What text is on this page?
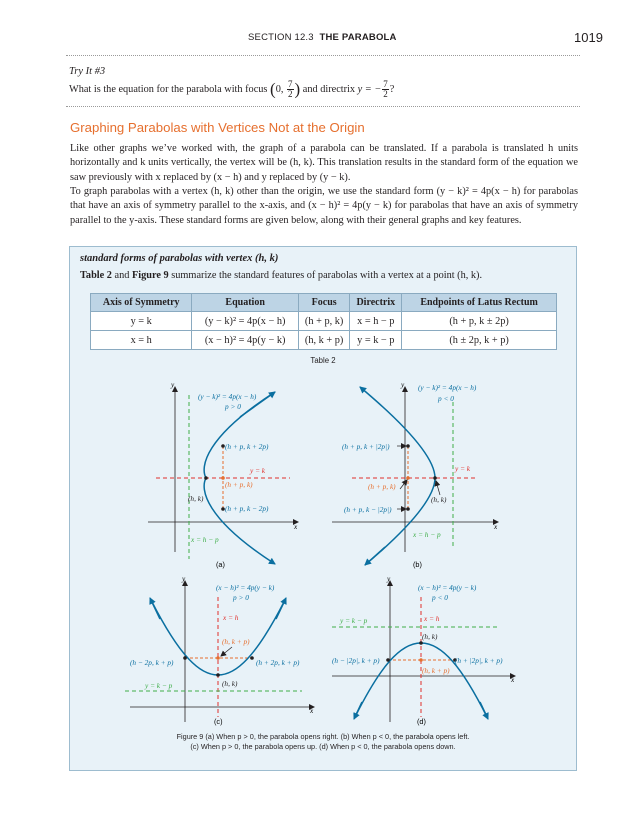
SECTION 12.3 THE PARABOLA	1019
Try It #3
What is the equation for the parabola with focus (0, $\frac{7}{2}$ ) and directrix y = − $\frac{7}{2}$ ?
Graphing Parabolas with Vertices Not at the Origin
Like other graphs we’ve worked with, the graph of a parabola can be translated. If a parabola is translated h units horizontally and k units vertically, the vertex will be (h, k). This translation results in the standard form of the equation we saw previously with x replaced by (x − h) and y replaced by (y − k).
To graph parabolas with a vertex (h, k) other than the origin, we use the standard form (y − k)² = 4p(x − h) for parabolas that have an axis of symmetry parallel to the x-axis, and (x − h)² = 4p(y − k) for parabolas that have an axis of symmetry parallel to the y-axis. These standard forms are given below, along with their general graphs and key features.
standard forms of parabolas with vertex (h, k)
Table 2 and Figure 9 summarize the standard features of parabolas with a vertex at a point (h, k).
Axis of Symmetry	Equation	Focus	Directrix	Endpoints of Latus Rectum
y = k	(y − k)² = 4p(x − h)	(h + p, k)	x = h − p	(h + p, k ± 2p)
x = h	(x − h)² = 4p(y − k)	(h, k + p)	y = k − p	(h ± 2p, k + p)
Table 2
(y − k)² = 4p(x − h)
p > 0
(h + p, k + 2p)
y = k
(h + p, k)
(h, k)
(h + p, k − 2p)
x = h − p
x
y
(a)
(y − k)² = 4p(x − h)
p < 0
(h + p, k + |2p|)
y = k
(h + p, k)
(h, k)
(h + p, k − |2p|)
x = h − p
x
y
(b)
(x − h)² = 4p(y − k)
p > 0
x = h
(h, k + p)
(h − 2p, k + p)	(h + 2p, k + p)
(h, k)
y = k − p
x
y
(c)
(x − h)² = 4p(y − k)
p < 0
y = k − p	x = h
(h, k)
(h − |2p|, k + p)	(h + |2p|, k + p)
(h, k + p)
x
y
(d)
Figure 9 (a) When p > 0, the parabola opens right. (b) When p < 0, the parabola opens left.
(c) When p > 0, the parabola opens up. (d) When p < 0, the parabola opens down.
